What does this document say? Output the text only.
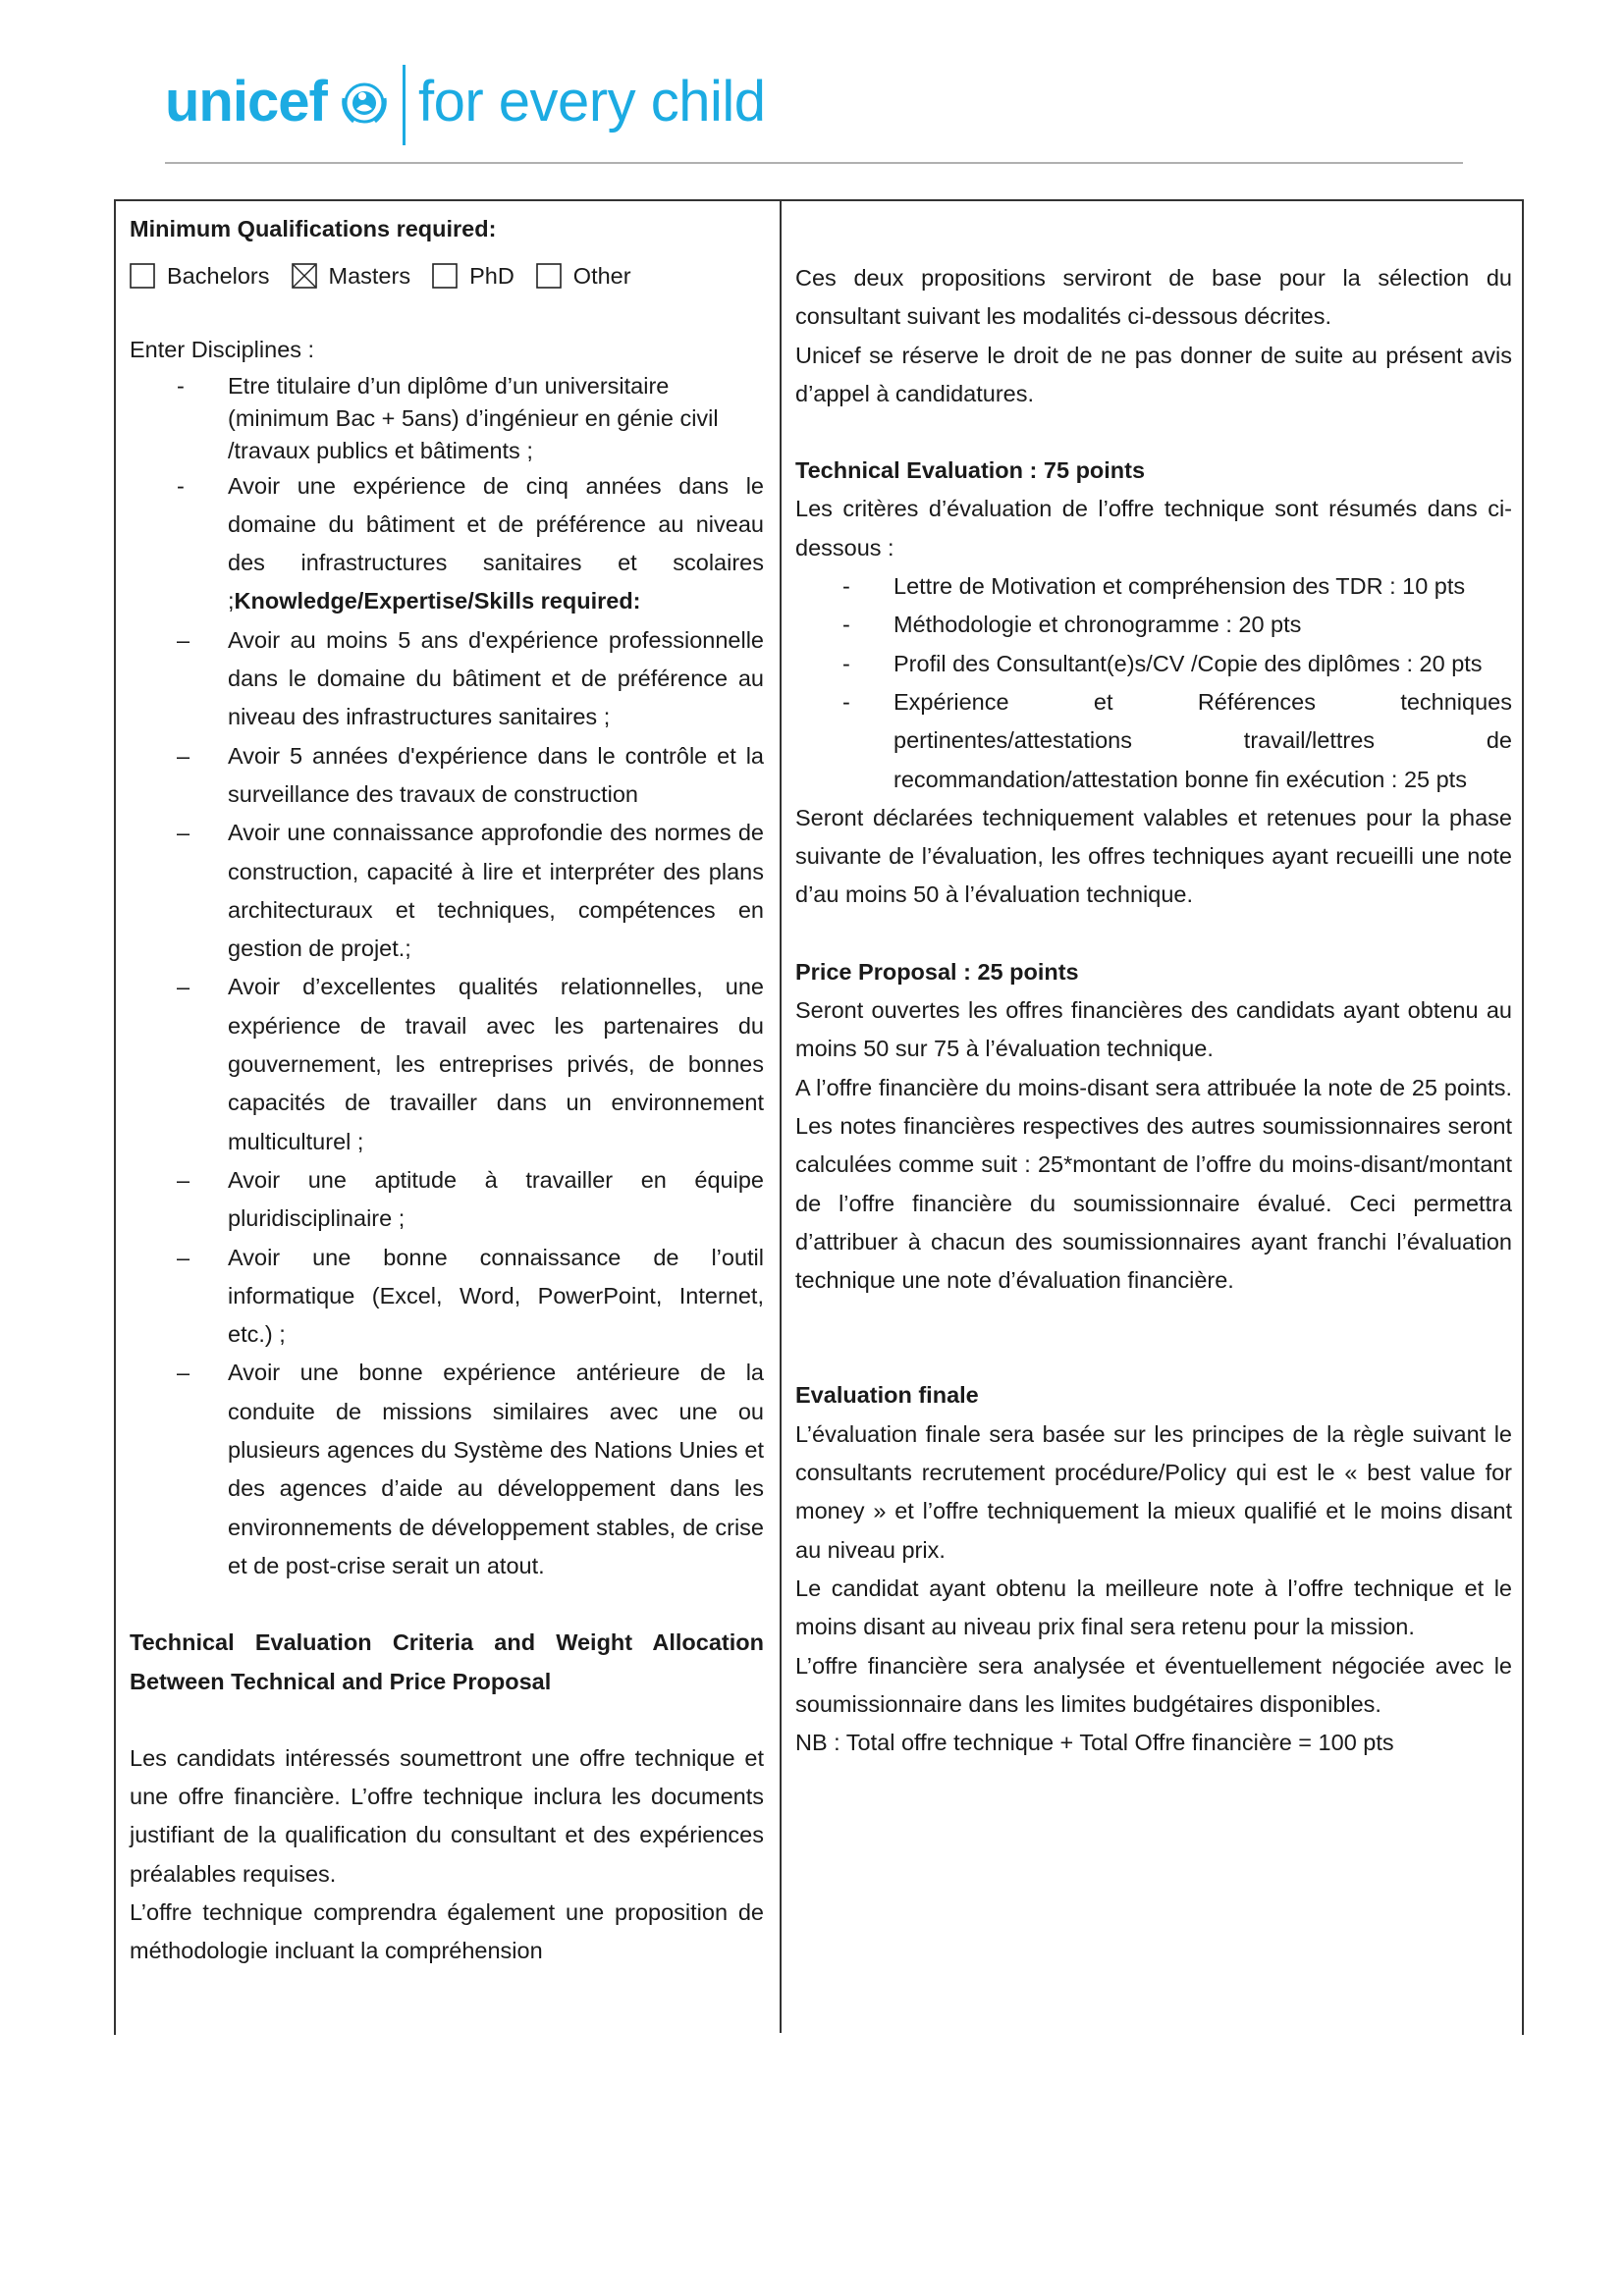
unicef for every child

Minimum Qualifications required:

Bachelors	Masters	PhD	Other

Enter Disciplines :

- Etre titulaire d’un diplôme d’un universitaire (minimum Bac + 5ans) d’ingénieur en génie civil /travaux publics et bâtiments ;
- Avoir une expérience de cinq années dans le domaine du bâtiment et de préférence au niveau des infrastructures sanitaires et scolaires ;Knowledge/Expertise/Skills required:
– Avoir au moins 5 ans d'expérience professionnelle dans le domaine du bâtiment et de préférence au niveau des infrastructures sanitaires ;
– Avoir 5 années d'expérience dans le contrôle et la surveillance des travaux de construction
– Avoir une connaissance approfondie des normes de construction, capacité à lire et interpréter des plans architecturaux et techniques, compétences en gestion de projet.;
– Avoir d’excellentes qualités relationnelles, une expérience de travail avec les partenaires du gouvernement, les entreprises privés, de bonnes capacités de travailler dans un environnement multiculturel ;
– Avoir une aptitude à travailler en équipe pluridisciplinaire ;
– Avoir une bonne connaissance de l’outil informatique (Excel, Word, PowerPoint, Internet, etc.) ;
– Avoir une bonne expérience antérieure de la conduite de missions similaires avec une ou plusieurs agences du Système des Nations Unies et des agences d’aide au développement dans les environnements de développement stables, de crise et de post-crise serait un atout.

Technical Evaluation Criteria and Weight Allocation Between Technical and Price Proposal

Les candidats intéressés soumettront une offre technique et une offre financière. L’offre technique inclura les documents justifiant de la qualification du consultant et des expériences préalables requises.

L’offre technique comprendra également une proposition de méthodologie incluant la compréhension

Ces deux propositions serviront de base pour la sélection du consultant suivant les modalités ci-dessous décrites.

Unicef se réserve le droit de ne pas donner de suite au présent avis d’appel à candidatures.

Technical Evaluation : 75 points

Les critères d’évaluation de l’offre technique sont résumés dans ci-dessous :

- Lettre de Motivation et compréhension des TDR : 10 pts
- Méthodologie et chronogramme : 20 pts
- Profil des Consultant(e)s/CV /Copie des diplômes : 20 pts
- Expérience et Références techniques pertinentes/attestations travail/lettres de recommandation/attestation bonne fin exécution : 25 pts

Seront déclarées techniquement valables et retenues pour la phase suivante de l’évaluation, les offres techniques ayant recueilli une note d’au moins 50 à l’évaluation technique.

Price Proposal : 25 points

Seront ouvertes les offres financières des candidats ayant obtenu au moins 50 sur 75 à l’évaluation technique.

A l’offre financière du moins-disant sera attribuée la note de 25 points. Les notes financières respectives des autres soumissionnaires seront calculées comme suit : 25*montant de l’offre du moins-disant/montant de l’offre financière du soumissionnaire évalué. Ceci permettra d’attribuer à chacun des soumissionnaires ayant franchi l’évaluation technique une note d’évaluation financière.

Evaluation finale

L’évaluation finale sera basée sur les principes de la règle suivant le consultants recrutement procédure/Policy qui est le « best value for money » et l’offre techniquement la mieux qualifié et le moins disant au niveau prix.

Le candidat ayant obtenu la meilleure note à l’offre technique et le moins disant au niveau prix final sera retenu pour la mission.

L’offre financière sera analysée et éventuellement négociée avec le soumissionnaire dans les limites budgétaires disponibles.

NB : Total offre technique + Total Offre financière = 100 pts
